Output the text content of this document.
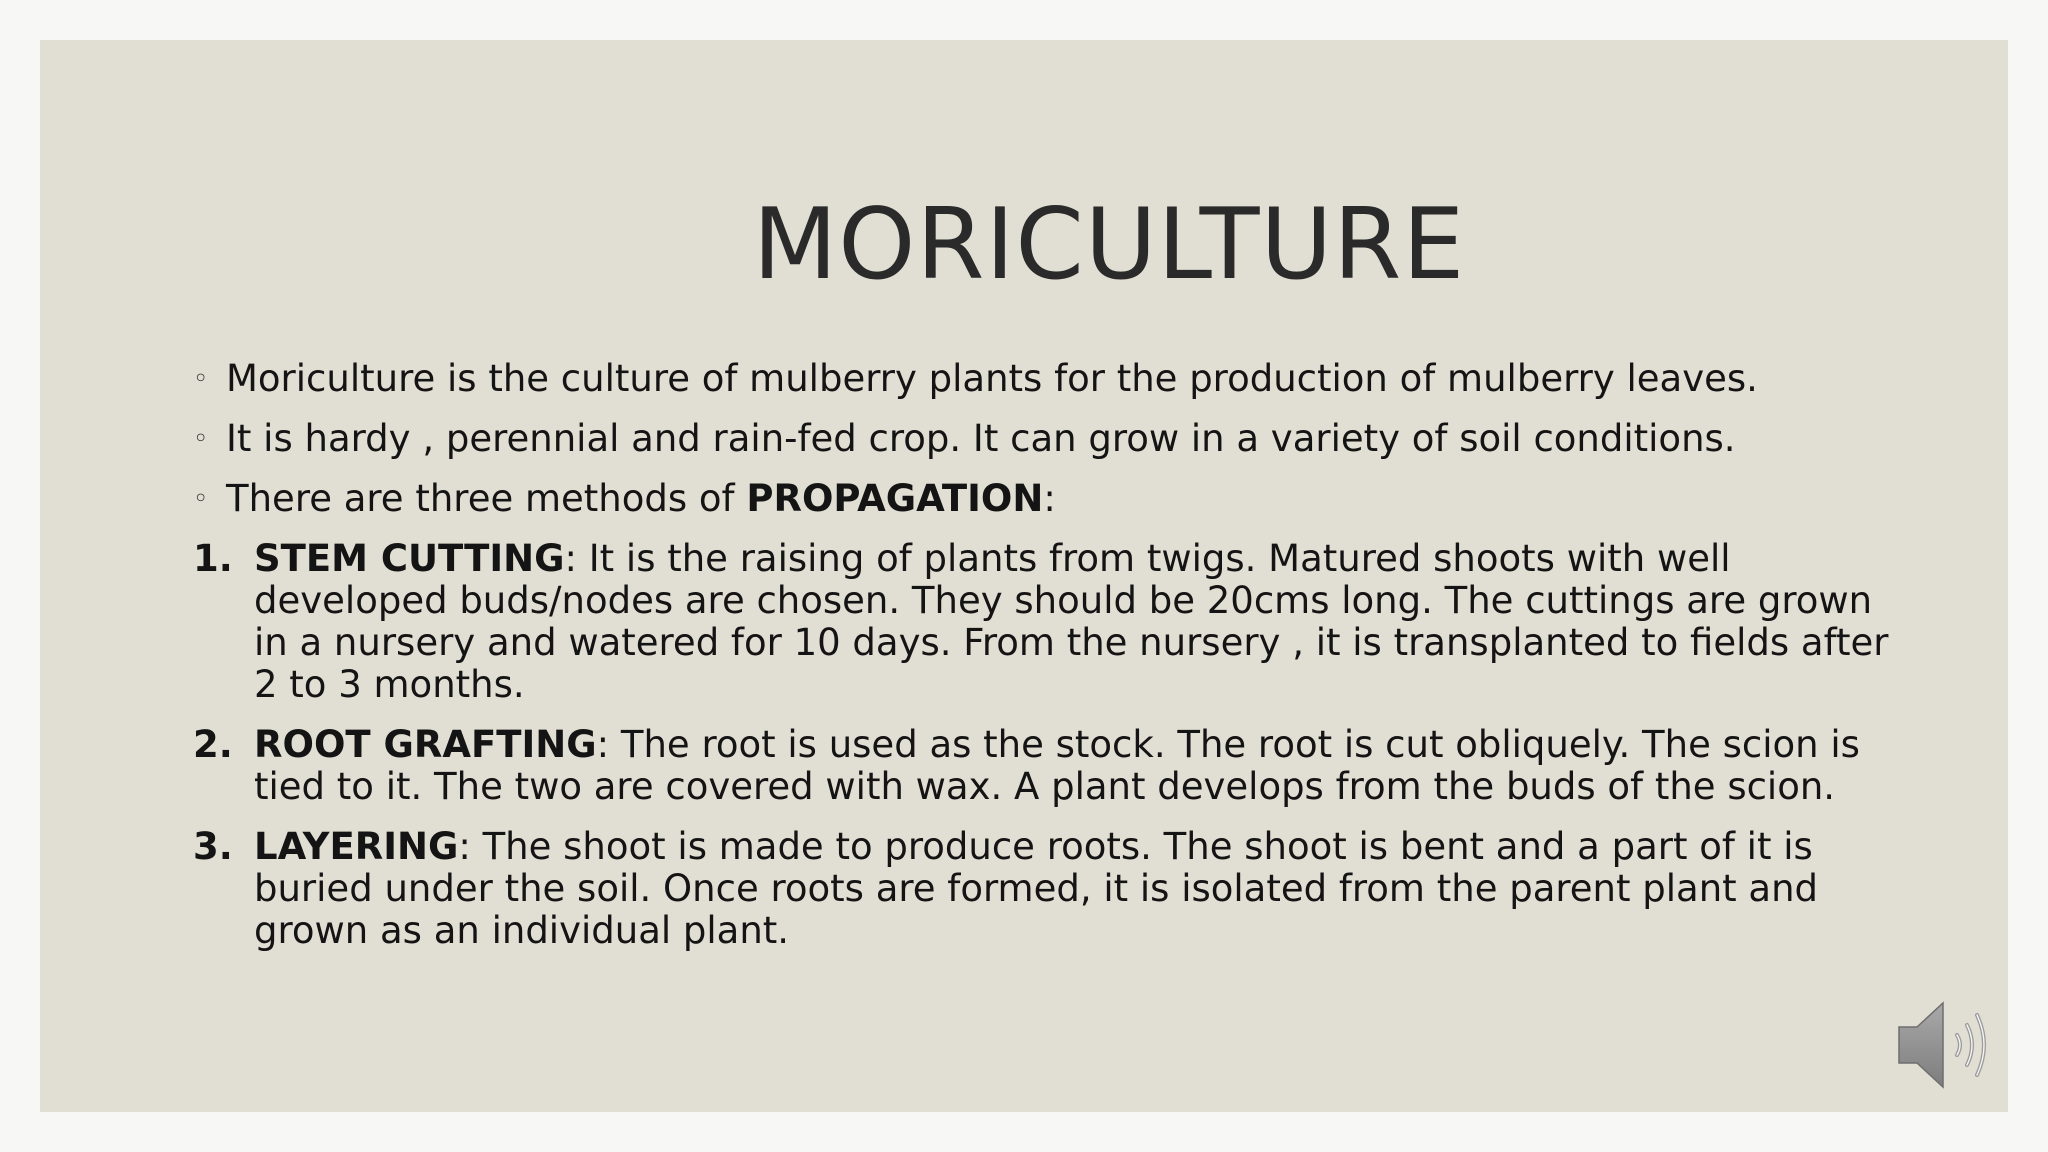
MORICULTURE
◦ Moriculture is the culture of mulberry plants for the production of mulberry leaves.
◦ It is hardy , perennial and rain-fed crop. It can grow in a variety of soil conditions.
◦ There are three methods of PROPAGATION:
1. STEM CUTTING: It is the raising of plants from twigs. Matured shoots with well developed buds/nodes are chosen. They should be 20cms long. The cuttings are grown in a nursery and watered for 10 days. From the nursery , it is transplanted to fields after 2 to 3 months.
2. ROOT GRAFTING: The root is used as the stock. The root is cut obliquely. The scion is tied to it. The two are covered with wax. A plant develops from the buds of the scion.
3. LAYERING: The shoot is made to produce roots. The shoot is bent and a part of it is buried under the soil. Once roots are formed, it is isolated from the parent plant and grown as an individual plant.
